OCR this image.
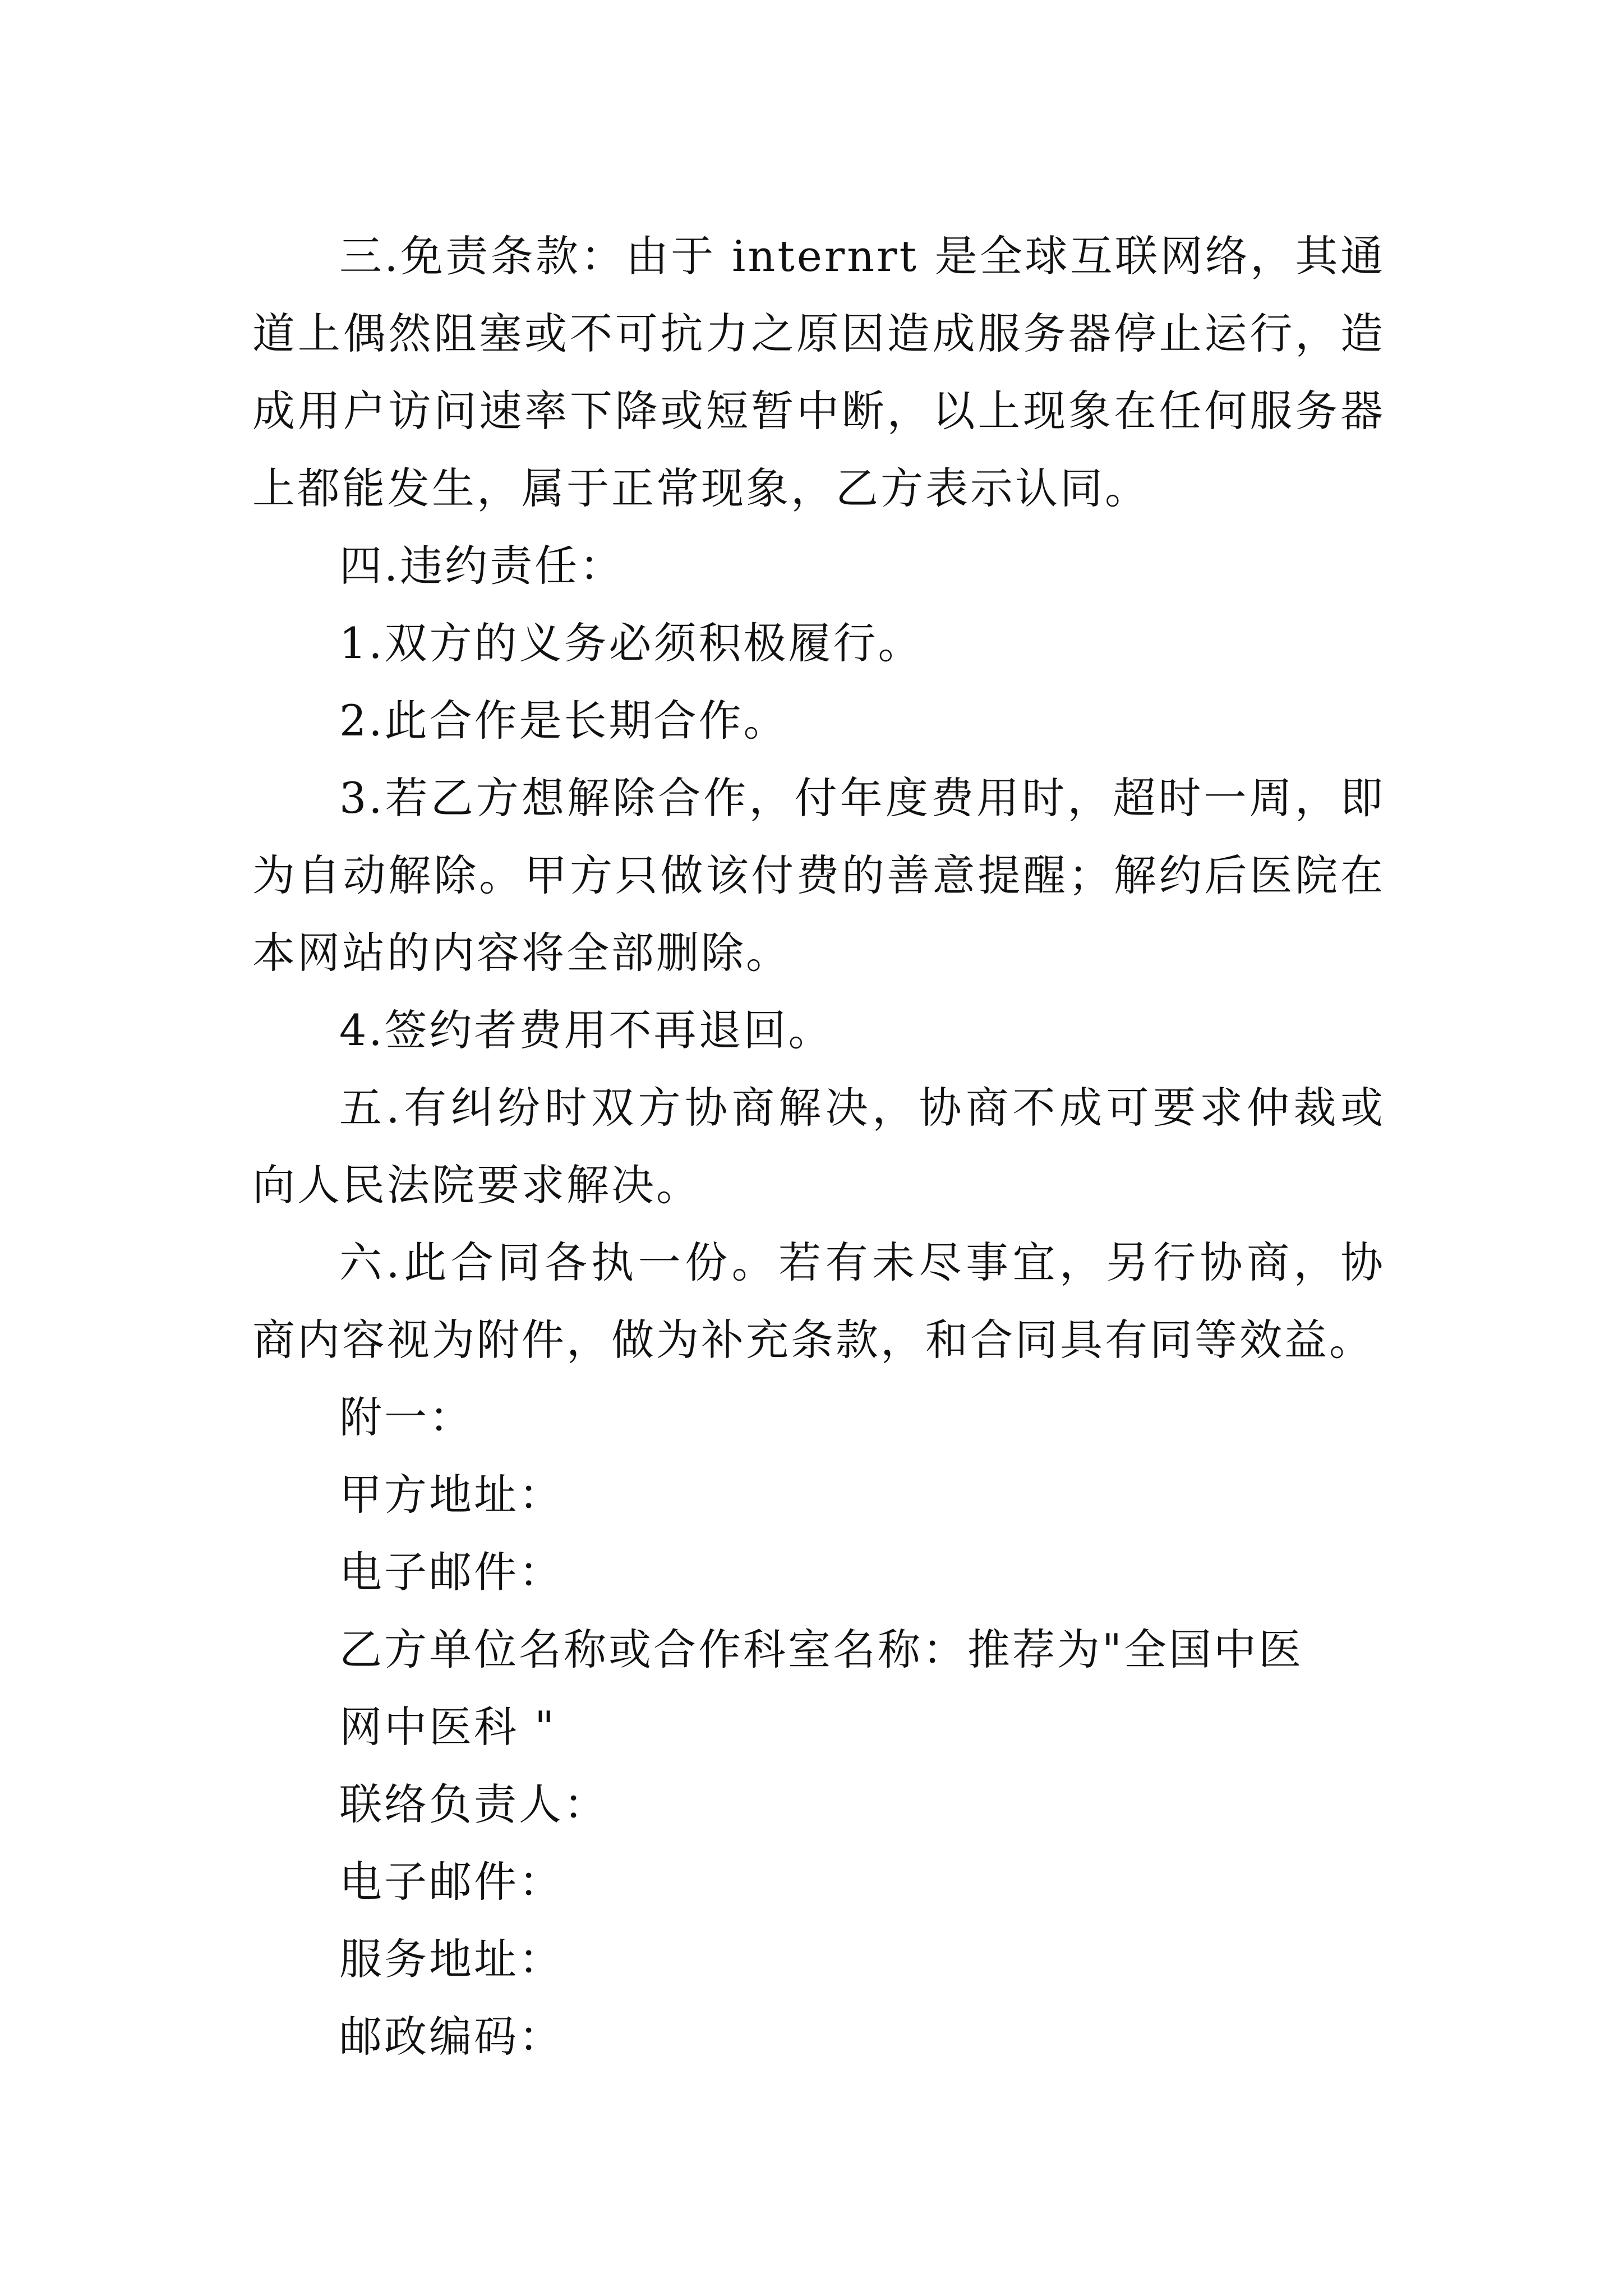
三.免责条款：由于 internrt 是全球互联网络，其通道上偶然阻塞或不可抗力之原因造成服务器停止运行，造成用户访问速率下降或短暂中断，以上现象在任何服务器上都能发生，属于正常现象，乙方表示认同。

四.违约责任：

1.双方的义务必须积极履行。

2.此合作是长期合作。

3.若乙方想解除合作，付年度费用时，超时一周，即为自动解除。甲方只做该付费的善意提醒；解约后医院在本网站的内容将全部删除。

4.签约者费用不再退回。

五.有纠纷时双方协商解决，协商不成可要求仲裁或向人民法院要求解决。

六.此合同各执一份。若有未尽事宜，另行协商，协商内容视为附件，做为补充条款，和合同具有同等效益。

附一：

甲方地址：

电子邮件：

乙方单位名称或合作科室名称：推荐为"全国中医

网中医科 "

联络负责人：

电子邮件：

服务地址：

邮政编码：
